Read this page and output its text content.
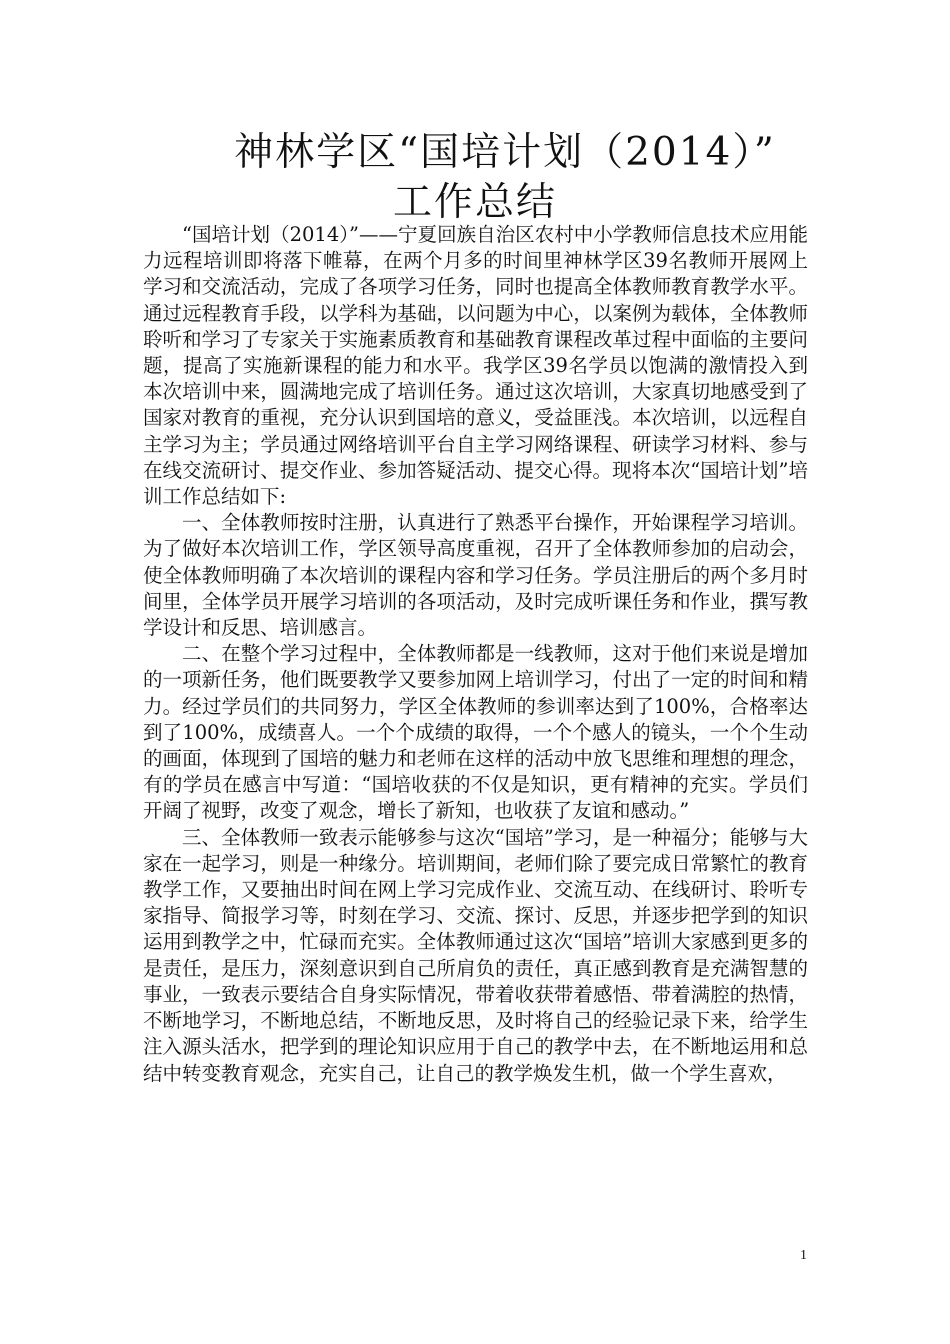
神林学区“国培计划（2014）”
工作总结

“国培计划（2014）”——宁夏回族自治区农村中小学教师信息技术应用能力远程培训即将落下帷幕，在两个月多的时间里神林学区39名教师开展网上学习和交流活动，完成了各项学习任务，同时也提高全体教师教育教学水平。通过远程教育手段，以学科为基础，以问题为中心，以案例为载体，全体教师聆听和学习了专家关于实施素质教育和基础教育课程改革过程中面临的主要问题，提高了实施新课程的能力和水平。我学区39名学员以饱满的激情投入到本次培训中来，圆满地完成了培训任务。通过这次培训，大家真切地感受到了国家对教育的重视，充分认识到国培的意义，受益匪浅。本次培训，以远程自主学习为主；学员通过网络培训平台自主学习网络课程、研读学习材料、参与在线交流研讨、提交作业、参加答疑活动、提交心得。现将本次“国培计划”培训工作总结如下:

一、全体教师按时注册，认真进行了熟悉平台操作，开始课程学习培训。为了做好本次培训工作，学区领导高度重视，召开了全体教师参加的启动会，使全体教师明确了本次培训的课程内容和学习任务。学员注册后的两个多月时间里，全体学员开展学习培训的各项活动，及时完成听课任务和作业，撰写教学设计和反思、培训感言。

二、在整个学习过程中，全体教师都是一线教师，这对于他们来说是增加的一项新任务，他们既要教学又要参加网上培训学习，付出了一定的时间和精力。经过学员们的共同努力，学区全体教师的参训率达到了100%，合格率达到了100%，成绩喜人。一个个成绩的取得，一个个感人的镜头，一个个生动的画面，体现到了国培的魅力和老师在这样的活动中放飞思维和理想的理念，有的学员在感言中写道：“国培收获的不仅是知识，更有精神的充实。学员们开阔了视野，改变了观念，增长了新知，也收获了友谊和感动。”

三、全体教师一致表示能够参与这次“国培”学习，是一种福分；能够与大家在一起学习，则是一种缘分。培训期间，老师们除了要完成日常繁忙的教育教学工作，又要抽出时间在网上学习完成作业、交流互动、在线研讨、聆听专家指导、简报学习等，时刻在学习、交流、探讨、反思，并逐步把学到的知识运用到教学之中，忙碌而充实。全体教师通过这次“国培”培训大家感到更多的是责任，是压力，深刻意识到自己所肩负的责任，真正感到教育是充满智慧的事业，一致表示要结合自身实际情况，带着收获带着感悟、带着满腔的热情，不断地学习，不断地总结，不断地反思，及时将自己的经验记录下来，给学生注入源头活水，把学到的理论知识应用于自己的教学中去，在不断地运用和总结中转变教育观念，充实自己，让自己的教学焕发生机，做一个学生喜欢，

1
